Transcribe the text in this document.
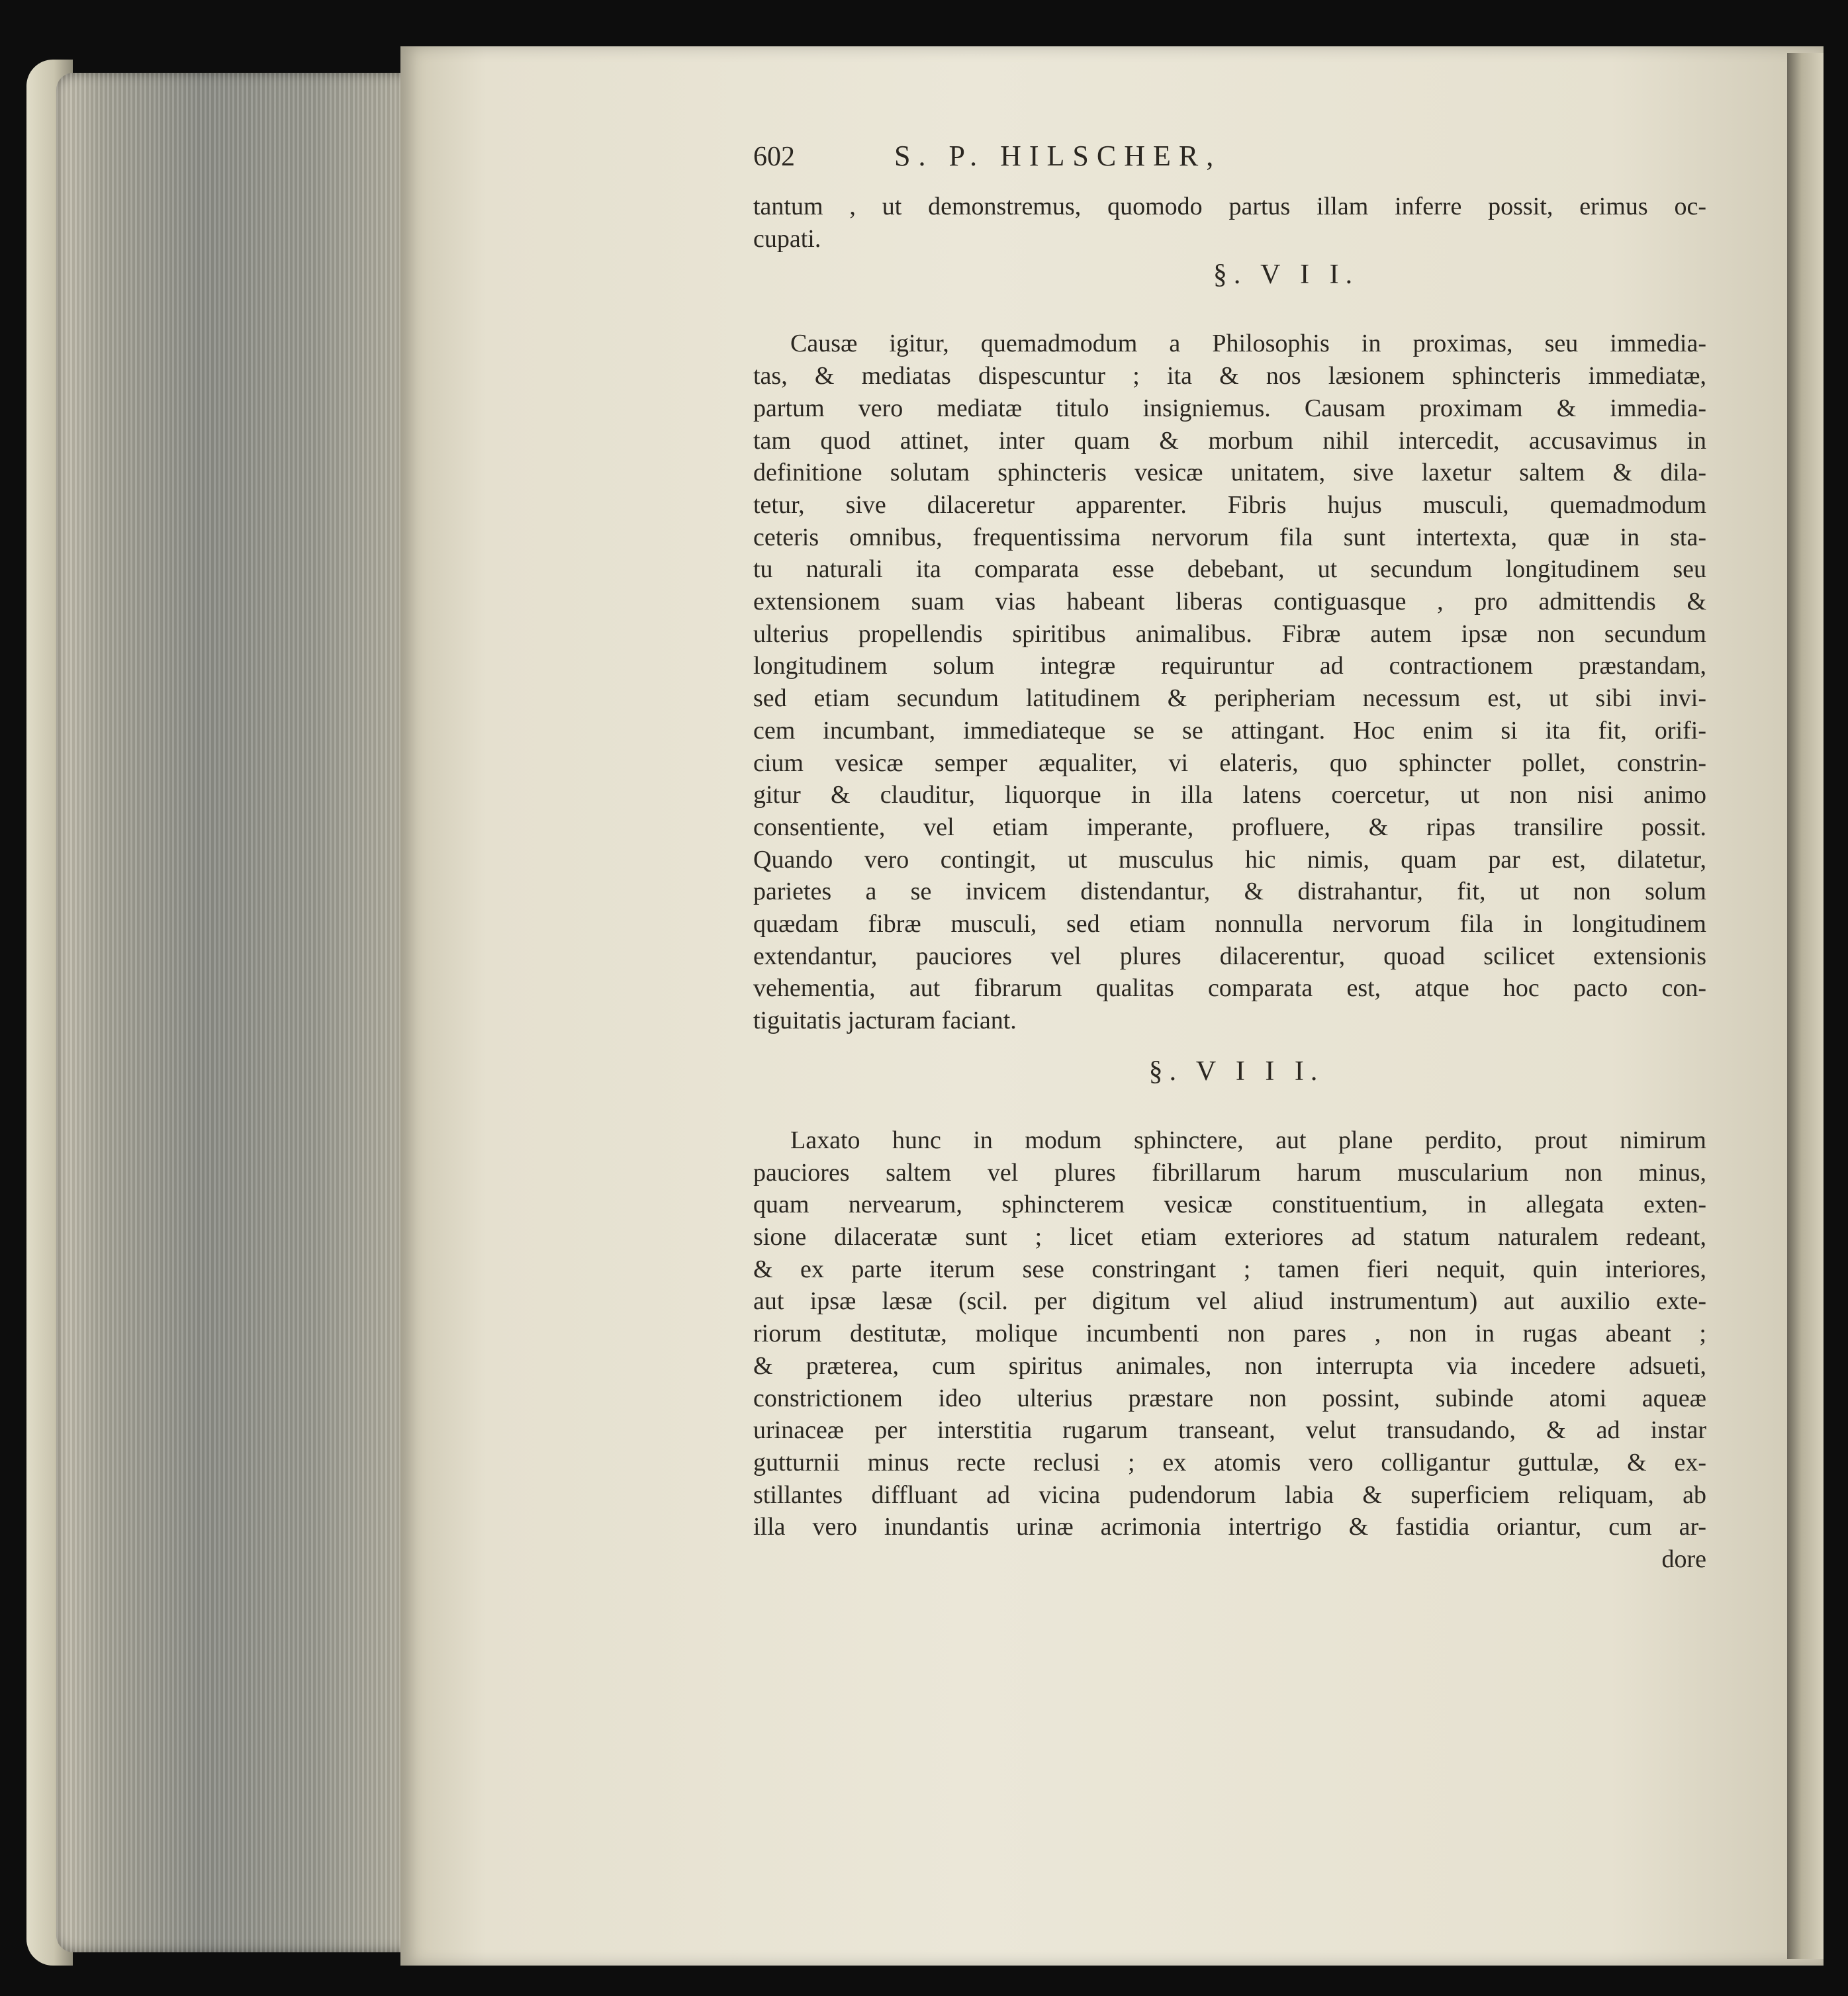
602	S. P. HILSCHER,
tantum , ut demonstremus, quomodo partus illam inferre possit, erimus oc-
cupati.
§. V I I.
Causæ igitur, quemadmodum a Philosophis in proximas, seu immedia-
tas, & mediatas dispescuntur ; ita & nos læsionem sphincteris immediatæ,
partum vero mediatæ titulo insigniemus. Causam proximam & immedia-
tam quod attinet, inter quam & morbum nihil intercedit, accusavimus in
definitione solutam sphincteris vesicæ unitatem, sive laxetur saltem & dila-
tetur, sive dilaceretur apparenter. Fibris hujus musculi, quemadmodum
ceteris omnibus, frequentissima nervorum fila sunt intertexta, quæ in sta-
tu naturali ita comparata esse debebant, ut secundum longitudinem seu
extensionem suam vias habeant liberas contiguasque , pro admittendis &
ulterius propellendis spiritibus animalibus. Fibræ autem ipsæ non secundum
longitudinem solum integræ requiruntur ad contractionem præstandam,
sed etiam secundum latitudinem & peripheriam necessum est, ut sibi invi-
cem incumbant, immediateque se se attingant. Hoc enim si ita fit, orifi-
cium vesicæ semper æqualiter, vi elateris, quo sphincter pollet, constrin-
gitur & clauditur, liquorque in illa latens coercetur, ut non nisi animo
consentiente, vel etiam imperante, profluere, & ripas transilire possit.
Quando vero contingit, ut musculus hic nimis, quam par est, dilatetur,
parietes a se invicem distendantur, & distrahantur, fit, ut non solum
quædam fibræ musculi, sed etiam nonnulla nervorum fila in longitudinem
extendantur, pauciores vel plures dilacerentur, quoad scilicet extensionis
vehementia, aut fibrarum qualitas comparata est, atque hoc pacto con-
tiguitatis jacturam faciant.
§. V I I I.
Laxato hunc in modum sphinctere, aut plane perdito, prout nimirum
pauciores saltem vel plures fibrillarum harum muscularium non minus,
quam nervearum, sphincterem vesicæ constituentium, in allegata exten-
sione dilaceratæ sunt ; licet etiam exteriores ad statum naturalem redeant,
& ex parte iterum sese constringant ; tamen fieri nequit, quin interiores,
aut ipsæ læsæ (scil. per digitum vel aliud instrumentum) aut auxilio exte-
riorum destitutæ, molique incumbenti non pares , non in rugas abeant ;
& præterea, cum spiritus animales, non interrupta via incedere adsueti,
constrictionem ideo ulterius præstare non possint, subinde atomi aqueæ
urinaceæ per interstitia rugarum transeant, velut transudando, & ad instar
gutturnii minus recte reclusi ; ex atomis vero colligantur guttulæ, & ex-
stillantes diffluant ad vicina pudendorum labia & superficiem reliquam, ab
illa vero inundantis urinæ acrimonia intertrigo & fastidia oriantur, cum ar-
dore
